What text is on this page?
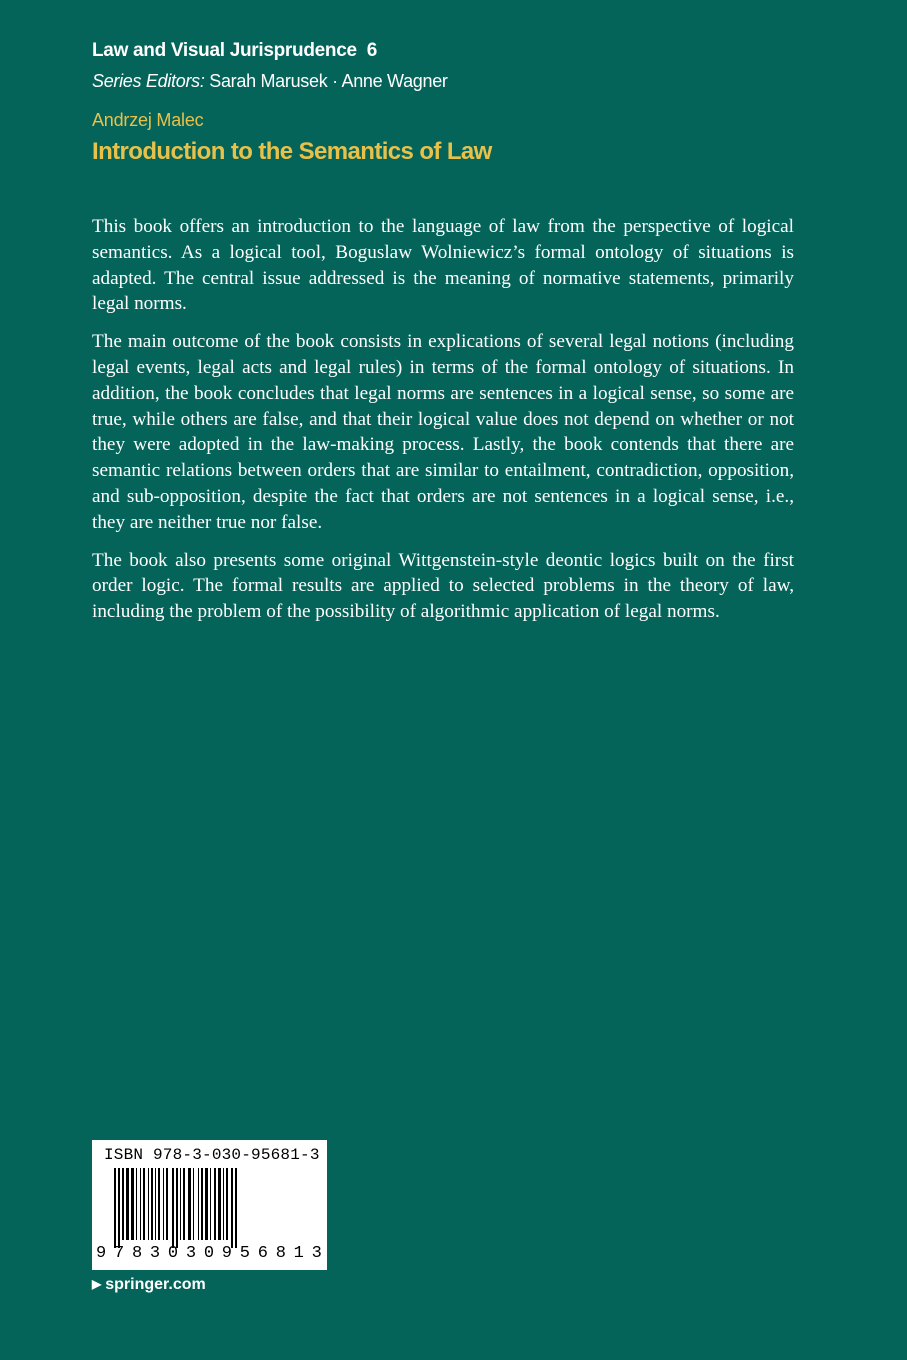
Law and Visual Jurisprudence 6
Series Editors: Sarah Marusek · Anne Wagner
Andrzej Malec
Introduction to the Semantics of Law

This book offers an introduction to the language of law from the perspective of logical semantics. As a logical tool, Boguslaw Wolniewicz’s formal ontology of situations is adapted. The central issue addressed is the meaning of normative statements, primarily legal norms.

The main outcome of the book consists in explications of several legal notions (including legal events, legal acts and legal rules) in terms of the formal ontology of situations. In addition, the book concludes that legal norms are sentences in a logical sense, so some are true, while others are false, and that their logical value does not depend on whether or not they were adopted in the law-making process. Lastly, the book contends that there are semantic relations between orders that are similar to entailment, contradiction, opposition, and sub-opposition, despite the fact that orders are not sentences in a logical sense, i.e., they are neither true nor false.

The book also presents some original Wittgenstein-style deontic logics built on the first order logic. The formal results are applied to selected problems in the theory of law, including the problem of the possibility of algorithmic application of legal norms.

ISBN 978-3-030-95681-3
9 7 8 3 0 3 0 9 5 6 8 1 3
▶ springer.com
